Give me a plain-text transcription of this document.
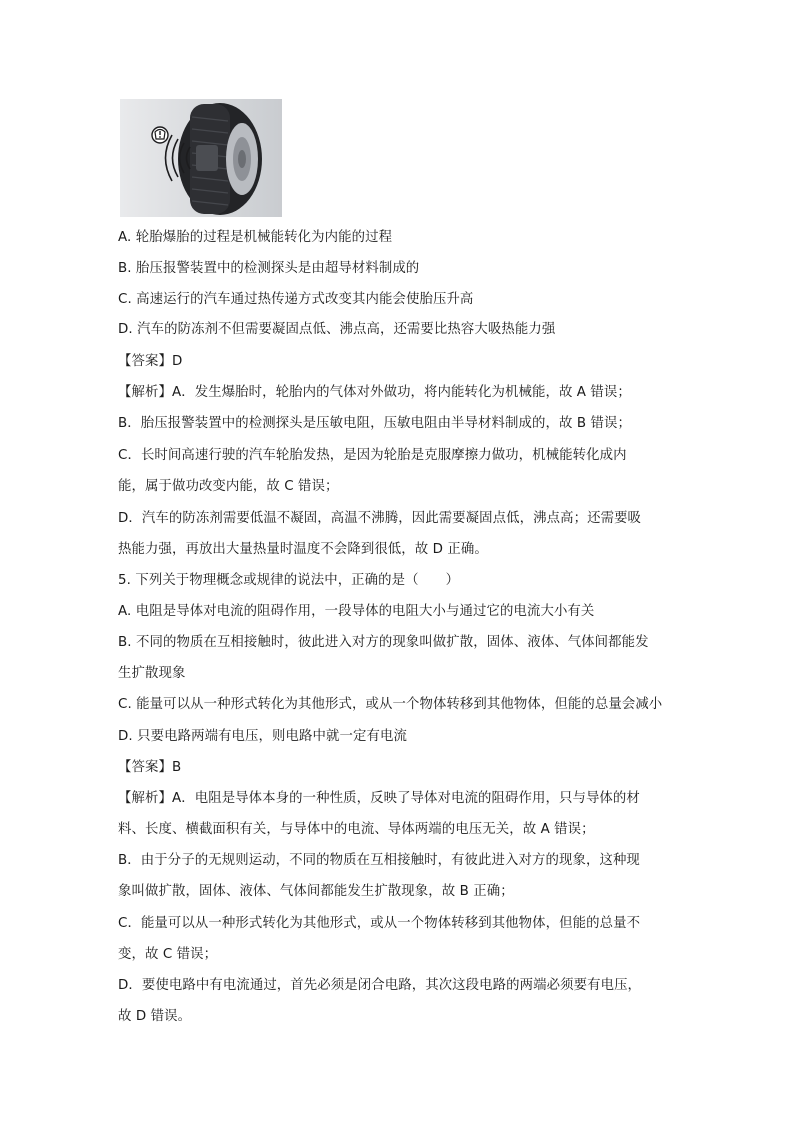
A. 轮胎爆胎的过程是机械能转化为内能的过程
B. 胎压报警装置中的检测探头是由超导材料制成的
C. 高速运行的汽车通过热传递方式改变其内能会使胎压升高
D. 汽车的防冻剂不但需要凝固点低、沸点高，还需要比热容大吸热能力强
【答案】D
【解析】A．发生爆胎时，轮胎内的气体对外做功，将内能转化为机械能，故 A 错误；
B．胎压报警装置中的检测探头是压敏电阻，压敏电阻由半导材料制成的，故 B 错误；
C．长时间高速行驶的汽车轮胎发热，是因为轮胎是克服摩擦力做功，机械能转化成内
能，属于做功改变内能，故 C 错误；
D．汽车的防冻剂需要低温不凝固，高温不沸腾，因此需要凝固点低，沸点高；还需要吸
热能力强，再放出大量热量时温度不会降到很低，故 D 正确。
5. 下列关于物理概念或规律的说法中，正确的是（　　）
A. 电阻是导体对电流的阻碍作用，一段导体的电阻大小与通过它的电流大小有关
B. 不同的物质在互相接触时，彼此进入对方的现象叫做扩散，固体、液体、气体间都能发
生扩散现象
C. 能量可以从一种形式转化为其他形式，或从一个物体转移到其他物体，但能的总量会减小
D. 只要电路两端有电压，则电路中就一定有电流
【答案】B
【解析】A．电阻是导体本身的一种性质，反映了导体对电流的阻碍作用，只与导体的材
料、长度、横截面积有关，与导体中的电流、导体两端的电压无关，故 A 错误；
B．由于分子的无规则运动，不同的物质在互相接触时，有彼此进入对方的现象，这种现
象叫做扩散，固体、液体、气体间都能发生扩散现象，故 B 正确；
C．能量可以从一种形式转化为其他形式，或从一个物体转移到其他物体，但能的总量不
变，故 C 错误；
D．要使电路中有电流通过，首先必须是闭合电路，其次这段电路的两端必须要有电压，
故 D 错误。
